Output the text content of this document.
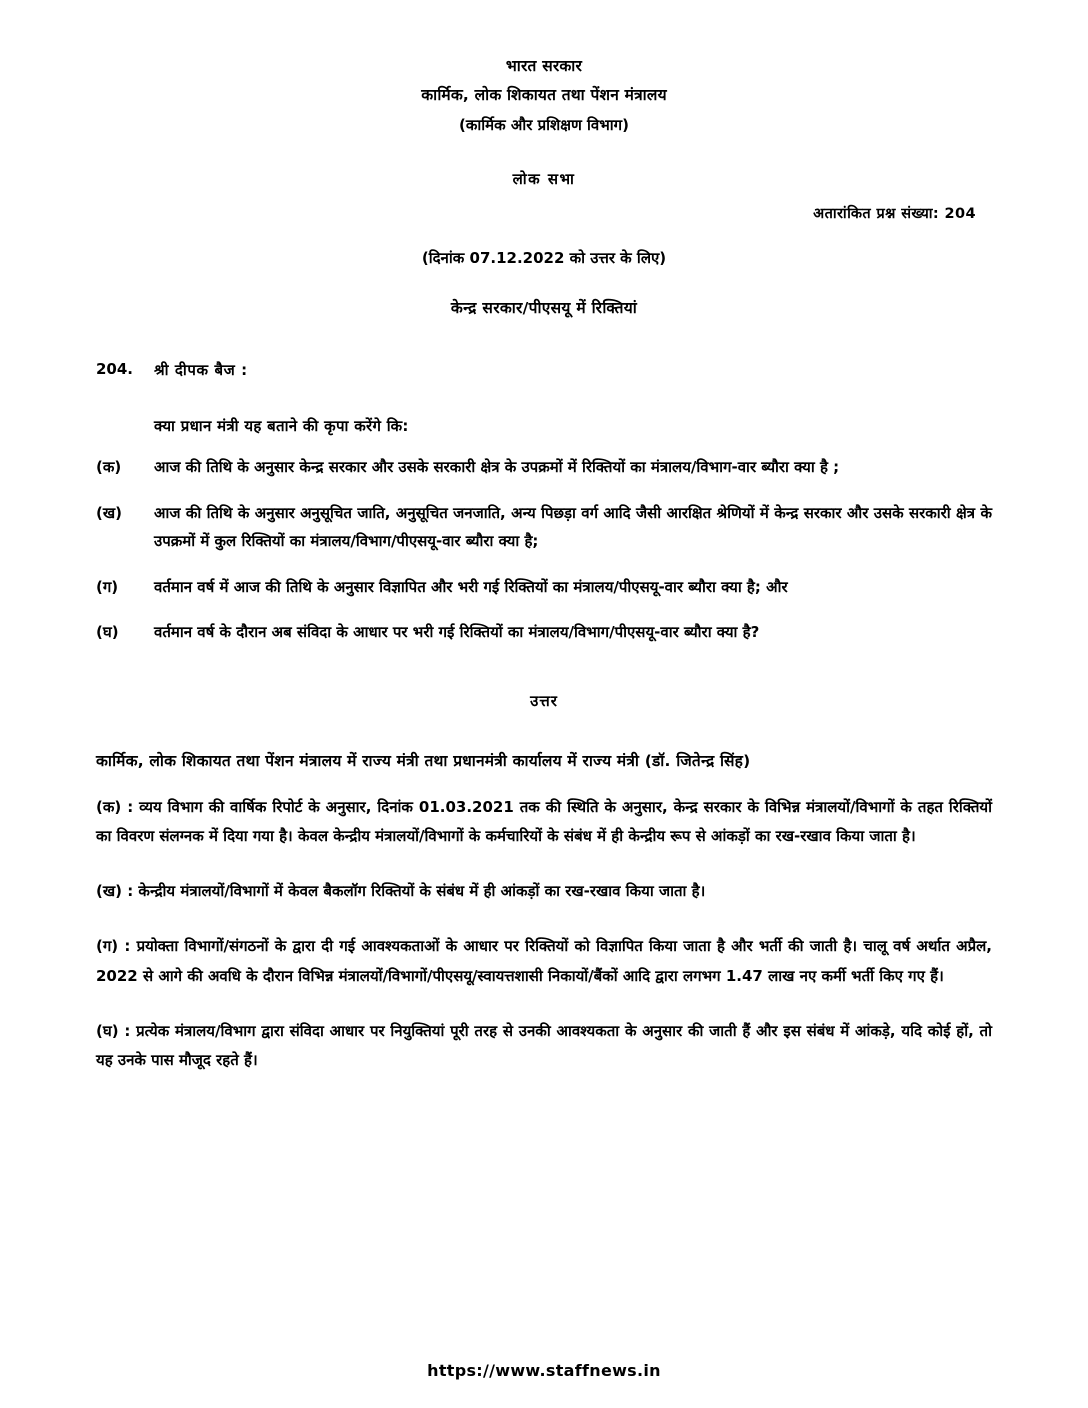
भारत सरकार
कार्मिक, लोक शिकायत तथा पेंशन मंत्रालय
(कार्मिक और प्रशिक्षण विभाग)
लोक सभा
अतारांकित प्रश्न संख्या: 204
(दिनांक 07.12.2022 को उत्तर के लिए)
केन्द्र सरकार/पीएसयू में रिक्तियां
204.	श्री दीपक बैज :
क्या प्रधान मंत्री यह बताने की कृपा करेंगे कि:
(क)	आज की तिथि के अनुसार केन्द्र सरकार और उसके सरकारी क्षेत्र के उपक्रमों में रिक्तियों का मंत्रालय/विभाग-वार ब्यौरा क्या है ;
(ख)	आज की तिथि के अनुसार अनुसूचित जाति, अनुसूचित जनजाति, अन्य पिछड़ा वर्ग आदि जैसी आरक्षित श्रेणियों में केन्द्र सरकार और उसके सरकारी क्षेत्र के उपक्रमों में कुल रिक्तियों का मंत्रालय/विभाग/पीएसयू-वार ब्यौरा क्या है;
(ग)	वर्तमान वर्ष में आज की तिथि के अनुसार विज्ञापित और भरी गई रिक्तियों का मंत्रालय/पीएसयू-वार ब्यौरा क्या है; और
(घ)	वर्तमान वर्ष के दौरान अब संविदा के आधार पर भरी गई रिक्तियों का मंत्रालय/विभाग/पीएसयू-वार ब्यौरा क्या है?
उत्तर
कार्मिक, लोक शिकायत तथा पेंशन मंत्रालय में राज्य मंत्री तथा प्रधानमंत्री कार्यालय में राज्य मंत्री (डॉ. जितेन्द्र सिंह)
(क) : व्यय विभाग की वार्षिक रिपोर्ट के अनुसार, दिनांक 01.03.2021 तक की स्थिति के अनुसार, केन्द्र सरकार के विभिन्न मंत्रालयों/विभागों के तहत रिक्तियों का विवरण संलग्नक में दिया गया है। केवल केन्द्रीय मंत्रालयों/विभागों के कर्मचारियों के संबंध में ही केन्द्रीय रूप से आंकड़ों का रख-रखाव किया जाता है।
(ख) : केन्द्रीय मंत्रालयों/विभागों में केवल बैकलॉग रिक्तियों के संबंध में ही आंकड़ों का रख-रखाव किया जाता है।
(ग) : प्रयोक्ता विभागों/संगठनों के द्वारा दी गई आवश्यकताओं के आधार पर रिक्तियों को विज्ञापित किया जाता है और भर्ती की जाती है। चालू वर्ष अर्थात अप्रैल, 2022 से आगे की अवधि के दौरान विभिन्न मंत्रालयों/विभागों/पीएसयू/स्वायत्तशासी निकायों/बैंकों आदि द्वारा लगभग 1.47 लाख नए कर्मी भर्ती किए गए हैं।
(घ) : प्रत्येक मंत्रालय/विभाग द्वारा संविदा आधार पर नियुक्तियां पूरी तरह से उनकी आवश्यकता के अनुसार की जाती हैं और इस संबंध में आंकड़े, यदि कोई हों, तो यह उनके पास मौजूद रहते हैं।
https://www.staffnews.in
